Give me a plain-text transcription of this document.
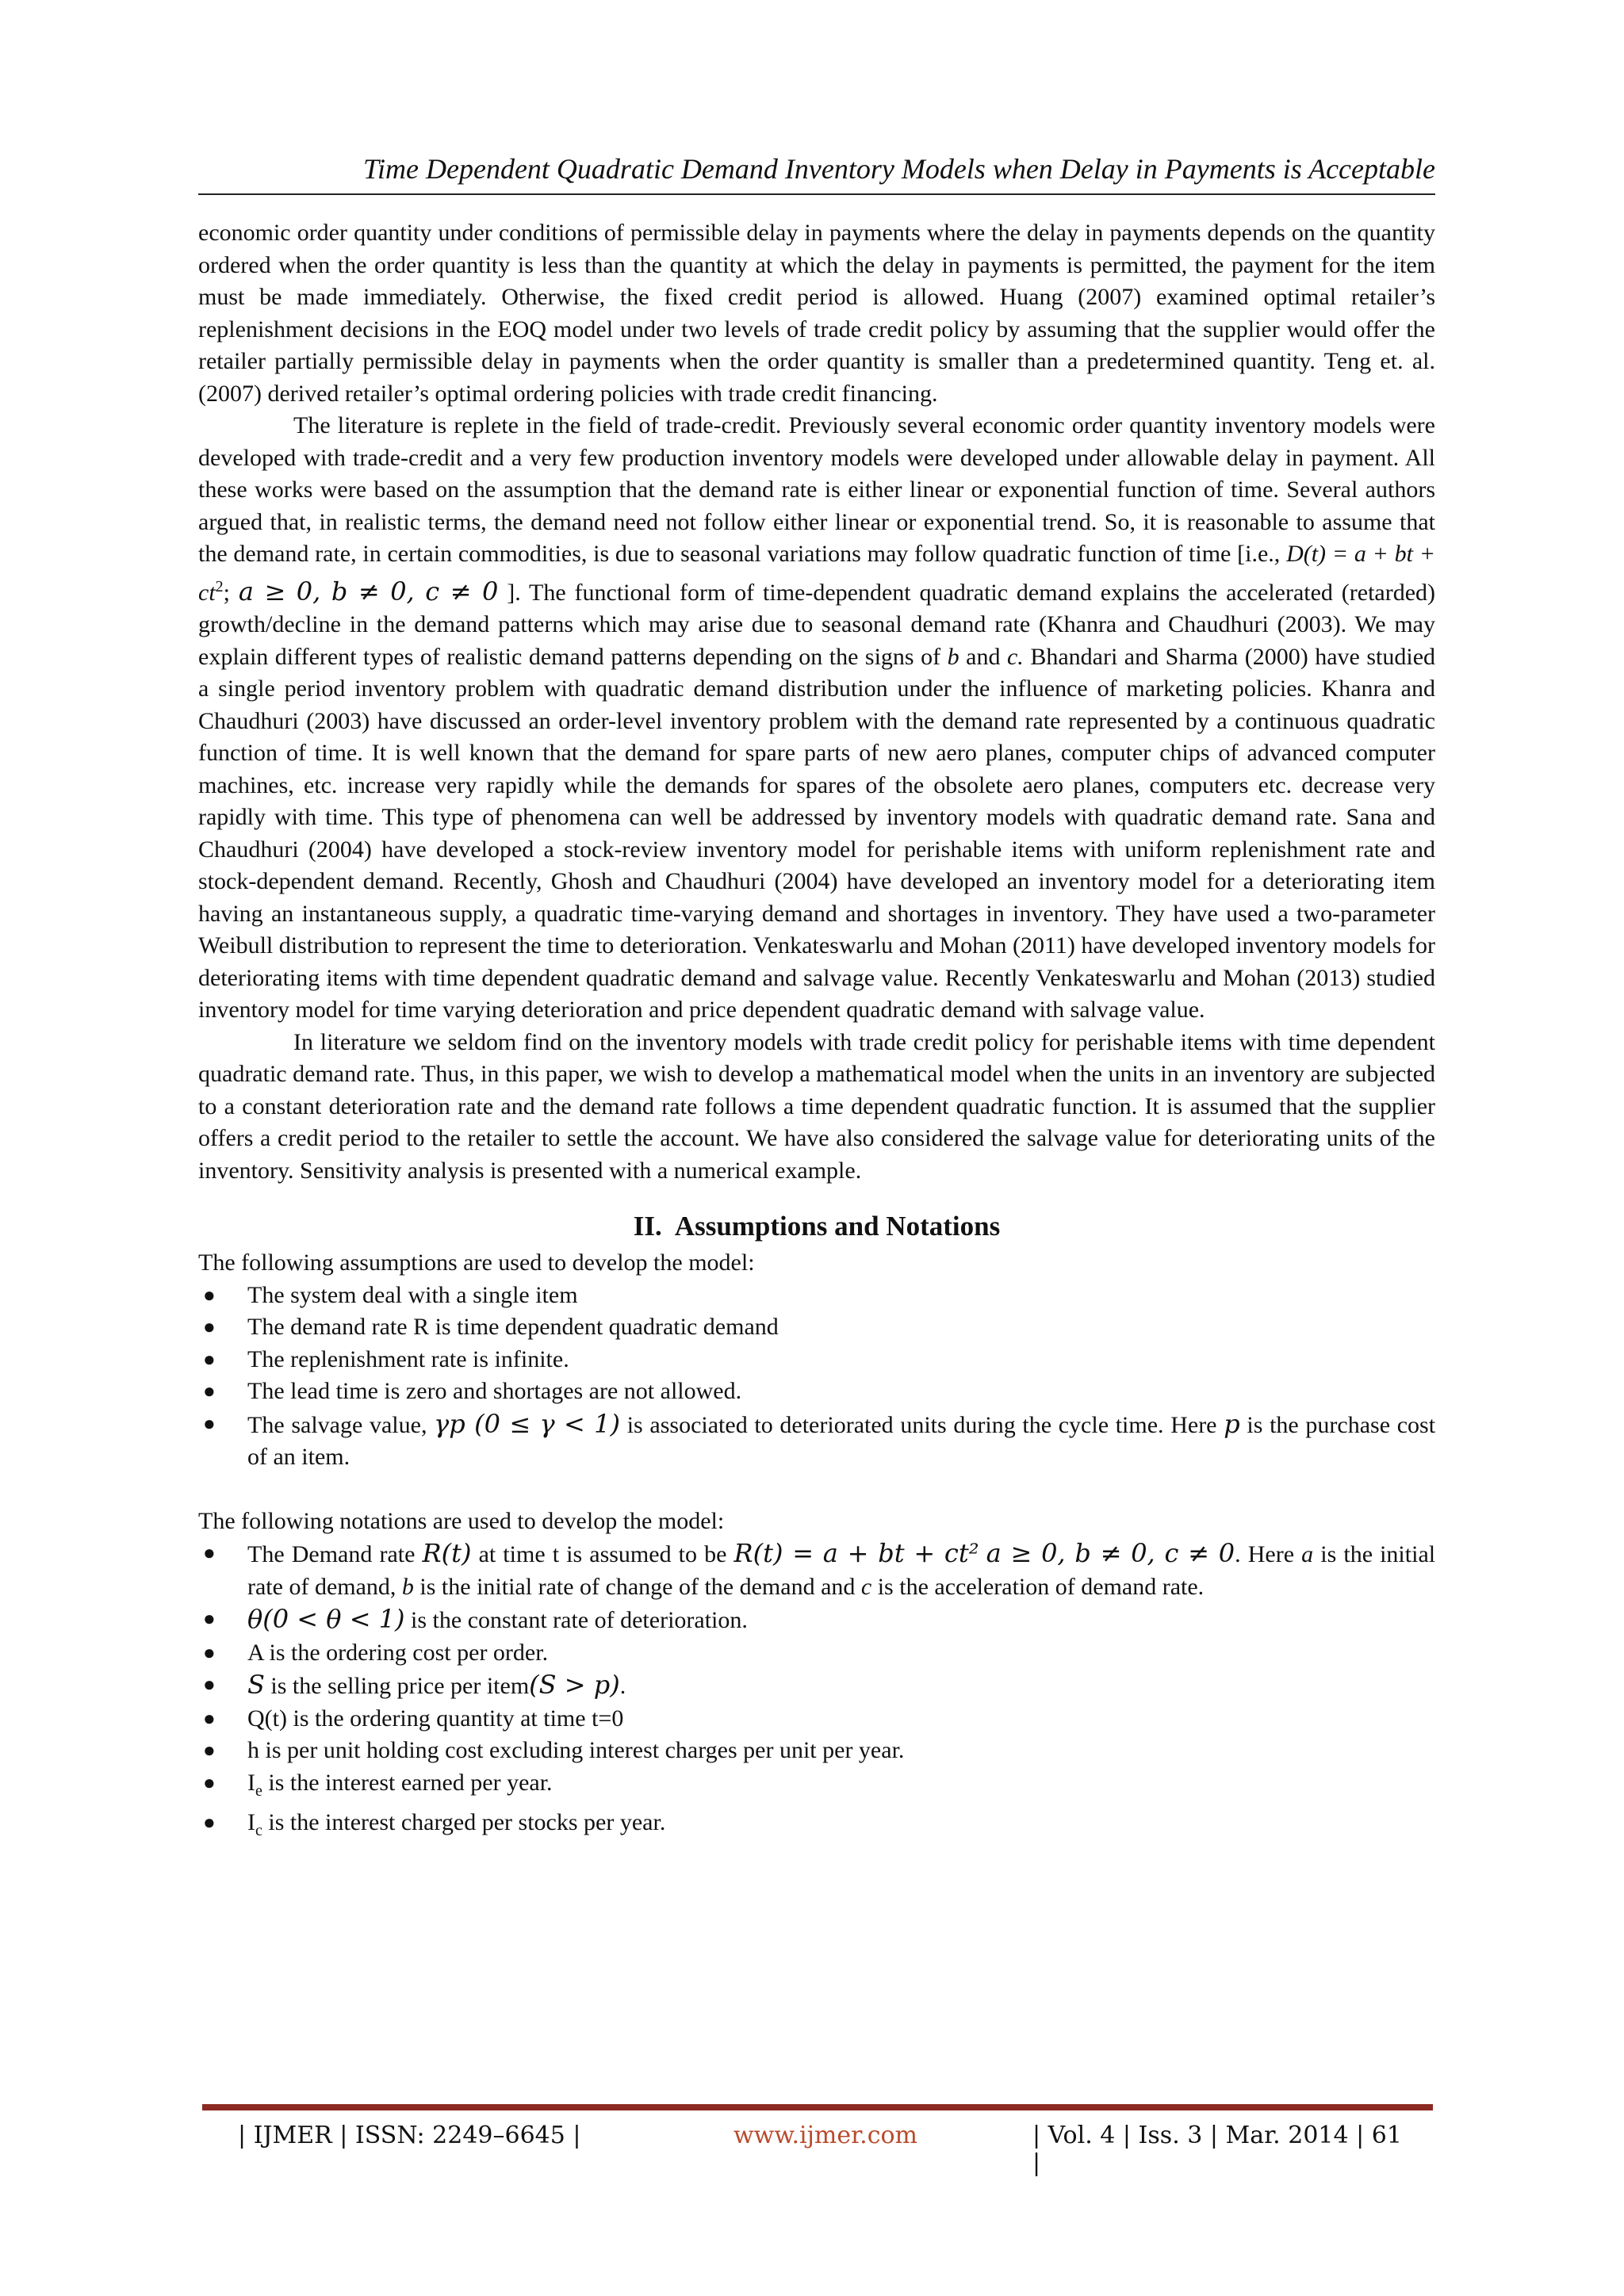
Time Dependent Quadratic Demand Inventory Models when Delay in Payments is Acceptable

economic order quantity under conditions of permissible delay in payments where the delay in payments depends on the quantity ordered when the order quantity is less than the quantity at which the delay in payments is permitted, the payment for the item must be made immediately. Otherwise, the fixed credit period is allowed. Huang (2007) examined optimal retailer’s replenishment decisions in the EOQ model under two levels of trade credit policy by assuming that the supplier would offer the retailer partially permissible delay in payments when the order quantity is smaller than a predetermined quantity. Teng et. al. (2007) derived retailer’s optimal ordering policies with trade credit financing.

The literature is replete in the field of trade-credit. Previously several economic order quantity inventory models were developed with trade-credit and a very few production inventory models were developed under allowable delay in payment. All these works were based on the assumption that the demand rate is either linear or exponential function of time. Several authors argued that, in realistic terms, the demand need not follow either linear or exponential trend. So, it is reasonable to assume that the demand rate, in certain commodities, is due to seasonal variations may follow quadratic function of time [i.e., D(t) = a + bt + $ct^2$; a ≥ 0, b ≠ 0, c ≠ 0 ]. The functional form of time-dependent quadratic demand explains the accelerated (retarded) growth/decline in the demand patterns which may arise due to seasonal demand rate (Khanra and Chaudhuri (2003). We may explain different types of realistic demand patterns depending on the signs of b and c. Bhandari and Sharma (2000) have studied a single period inventory problem with quadratic demand distribution under the influence of marketing policies. Khanra and Chaudhuri (2003) have discussed an order-level inventory problem with the demand rate represented by a continuous quadratic function of time. It is well known that the demand for spare parts of new aero planes, computer chips of advanced computer machines, etc. increase very rapidly while the demands for spares of the obsolete aero planes, computers etc. decrease very rapidly with time. This type of phenomena can well be addressed by inventory models with quadratic demand rate. Sana and Chaudhuri (2004) have developed a stock-review inventory model for perishable items with uniform replenishment rate and stock-dependent demand. Recently, Ghosh and Chaudhuri (2004) have developed an inventory model for a deteriorating item having an instantaneous supply, a quadratic time-varying demand and shortages in inventory. They have used a two-parameter Weibull distribution to represent the time to deterioration. Venkateswarlu and Mohan (2011) have developed inventory models for deteriorating items with time dependent quadratic demand and salvage value. Recently Venkateswarlu and Mohan (2013) studied inventory model for time varying deterioration and price dependent quadratic demand with salvage value.

In literature we seldom find on the inventory models with trade credit policy for perishable items with time dependent quadratic demand rate. Thus, in this paper, we wish to develop a mathematical model when the units in an inventory are subjected to a constant deterioration rate and the demand rate follows a time dependent quadratic function. It is assumed that the supplier offers a credit period to the retailer to settle the account. We have also considered the salvage value for deteriorating units of the inventory. Sensitivity analysis is presented with a numerical example.

II. Assumptions and Notations

The following assumptions are used to develop the model:

● The system deal with a single item
● The demand rate R is time dependent quadratic demand
● The replenishment rate is infinite.
● The lead time is zero and shortages are not allowed.
● The salvage value, γp (0 ≤ γ < 1) is associated to deteriorated units during the cycle time. Here p is the purchase cost of an item.

The following notations are used to develop the model:

● The Demand rate R(t) at time t is assumed to be R(t) = a + bt + ct² a ≥ 0, b ≠ 0, c ≠ 0. Here a is the initial rate of demand, b is the initial rate of change of the demand and c is the acceleration of demand rate.
● θ(0 < θ < 1) is the constant rate of deterioration.
● A is the ordering cost per order.
● S is the selling price per item(S > p).
● Q(t) is the ordering quantity at time t=0
● h is per unit holding cost excluding interest charges per unit per year.
● $I_e$ is the interest earned per year.
● $I_c$ is the interest charged per stocks per year.
| IJMER | ISSN: 2249–6645 |	www.ijmer.com	| Vol. 4 | Iss. 3 | Mar. 2014 | 61 |
